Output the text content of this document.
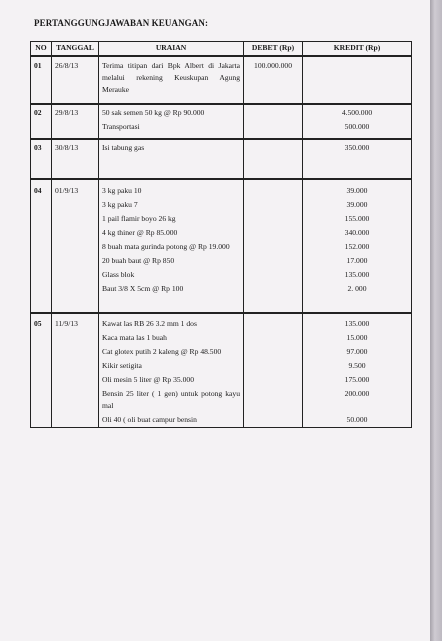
PERTANGGUNGJAWABAN KEUANGAN:
NO	TANGGAL	URAIAN	DEBET (Rp)	KREDIT (Rp)
01	26/8/13	Terima titipan dari Bpk Albert di Jakarta melalui rekening Keuskupan Agung Merauke	100.000.000	
02	29/8/13	50 sak semen 50 kg @ Rp 90.000		4.500.000
		Transportasi		500.000
03	30/8/13	Isi tabung gas		350.000
04	01/9/13	3 kg paku 10		39.000
		3 kg paku 7		39.000
		1 pail flamir boyo 26 kg		155.000
		4 kg thiner @ Rp 85.000		340.000
		8 buah mata gurinda potong @ Rp 19.000		152.000
		20 buah baut @ Rp 850		17.000
		Glass blok		135.000
		Baut 3/8 X 5cm @ Rp 100		2. 000
05	11/9/13	Kawat las RB 26 3.2 mm 1 dos		135.000
		Kaca mata las 1 buah		15.000
		Cat glotex putih 2 kaleng @ Rp 48.500		97.000
		Kikir setigita		9.500
		Oli mesin 5 liter @ Rp 35.000		175.000
		Bensin 25 liter ( 1 gen) untuk potong kayu mal		200.000
		Oli 40 ( oli buat campur bensin		50.000
